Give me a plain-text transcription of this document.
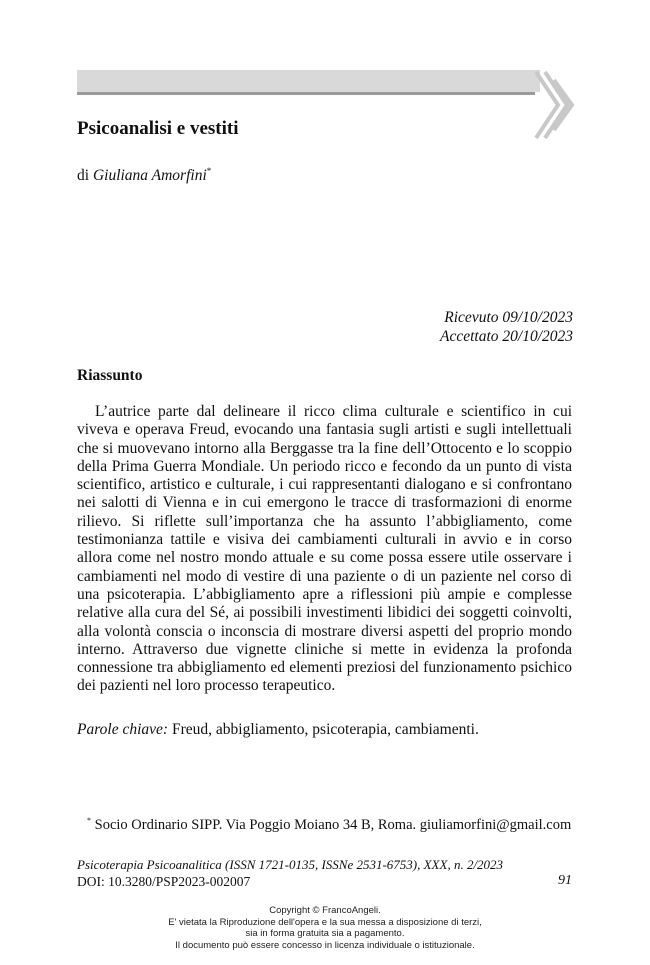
Psicoanalisi e vestiti
di Giuliana Amorfini*
Ricevuto 09/10/2023
Accettato 20/10/2023
Riassunto

L’autrice parte dal delineare il ricco clima culturale e scientifico in cui viveva e operava Freud, evocando una fantasia sugli artisti e sugli intellettuali che si muovevano intorno alla Berggasse tra la fine dell’Ottocento e lo scoppio della Prima Guerra Mondiale. Un periodo ricco e fecondo da un punto di vista scientifico, artistico e culturale, i cui rappresentanti dialogano e si confrontano nei salotti di Vienna e in cui emergono le tracce di trasformazioni di enorme rilievo. Si riflette sull’importanza che ha assunto l’abbigliamento, come testimonianza tattile e visiva dei cambiamenti culturali in avvio e in corso allora come nel nostro mondo attuale e su come possa essere utile osservare i cambiamenti nel modo di vestire di una paziente o di un paziente nel corso di una psicoterapia. L’abbigliamento apre a riflessioni più ampie e complesse relative alla cura del Sé, ai possibili investimenti libidici dei soggetti coinvolti, alla volontà conscia o inconscia di mostrare diversi aspetti del proprio mondo interno. Attraverso due vignette cliniche si mette in evidenza la profonda connessione tra abbigliamento ed elementi preziosi del funzionamento psichico dei pazienti nel loro processo terapeutico.

Parole chiave: Freud, abbigliamento, psicoterapia, cambiamenti.
* Socio Ordinario SIPP. Via Poggio Moiano 34 B, Roma. giuliamorfini@gmail.com
Psicoterapia Psicoanalitica (ISSN 1721-0135, ISSNe 2531-6753), XXX, n. 2/2023
DOI: 10.3280/PSP2023-002007	91
Copyright © FrancoAngeli.
E' vietata la Riproduzione dell'opera e la sua messa a disposizione di terzi,
sia in forma gratuita sia a pagamento.
Il documento può essere concesso in licenza individuale o istituzionale.
